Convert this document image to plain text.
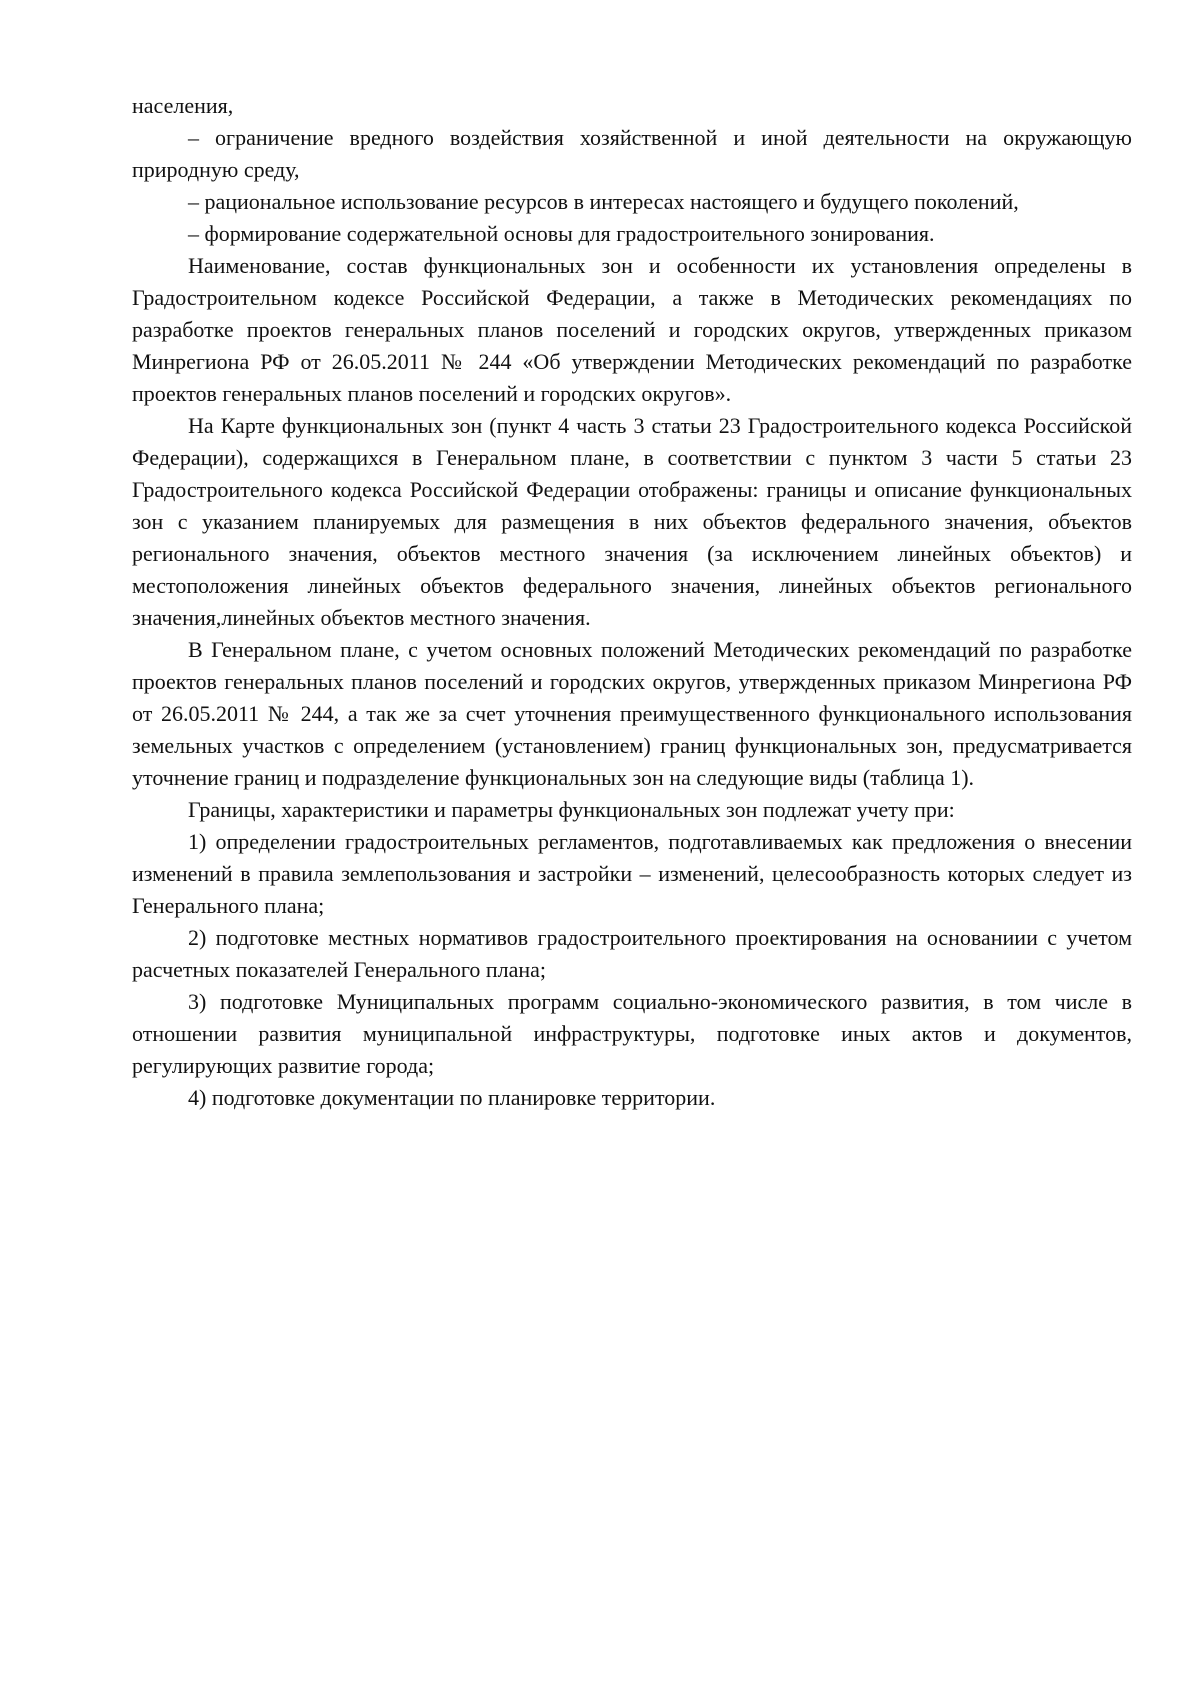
населения,

– ограничение вредного воздействия хозяйственной и иной деятельности на окружающую природную среду,

– рациональное использование ресурсов в интересах настоящего и будущего поколений,

– формирование содержательной основы для градостроительного зонирования.

Наименование, состав функциональных зон и особенности их установления определены в Градостроительном кодексе Российской Федерации, а также в Методических рекомендациях по разработке проектов генеральных планов поселений и городских округов, утвержденных приказом Минрегиона РФ от 26.05.2011 № 244 «Об утверждении Методических рекомендаций по разработке проектов генеральных планов поселений и городских округов».

На Карте функциональных зон (пункт 4 часть 3 статьи 23 Градостроительного кодекса Российской Федерации), содержащихся в Генеральном плане, в соответствии с пунктом 3 части 5 статьи 23 Градостроительного кодекса Российской Федерации отображены: границы и описание функциональных зон с указанием планируемых для размещения в них объектов федерального значения, объектов регионального значения, объектов местного значения (за исключением линейных объектов) и местоположения линейных объектов федерального значения, линейных объектов регионального значения,линейных объектов местного значения.

В Генеральном плане, с учетом основных положений Методических рекомендаций по разработке проектов генеральных планов поселений и городских округов, утвержденных приказом Минрегиона РФ от 26.05.2011 № 244, а так же за счет уточнения преимущественного функционального использования земельных участков с определением (установлением) границ функциональных зон, предусматривается уточнение границ и подразделение функциональных зон на следующие виды (таблица 1).

Границы, характеристики и параметры функциональных зон подлежат учету при:

1) определении градостроительных регламентов, подготавливаемых как предложения о внесении изменений в правила землепользования и застройки – изменений, целесообразность которых следует из Генерального плана;

2) подготовке местных нормативов градостроительного проектирования на основаниии с учетом расчетных показателей Генерального плана;

3) подготовке Муниципальных программ социально-экономического развития, в том числе в отношении развития муниципальной инфраструктуры, подготовке иных актов и документов, регулирующих развитие города;

4) подготовке документации по планировке территории.
